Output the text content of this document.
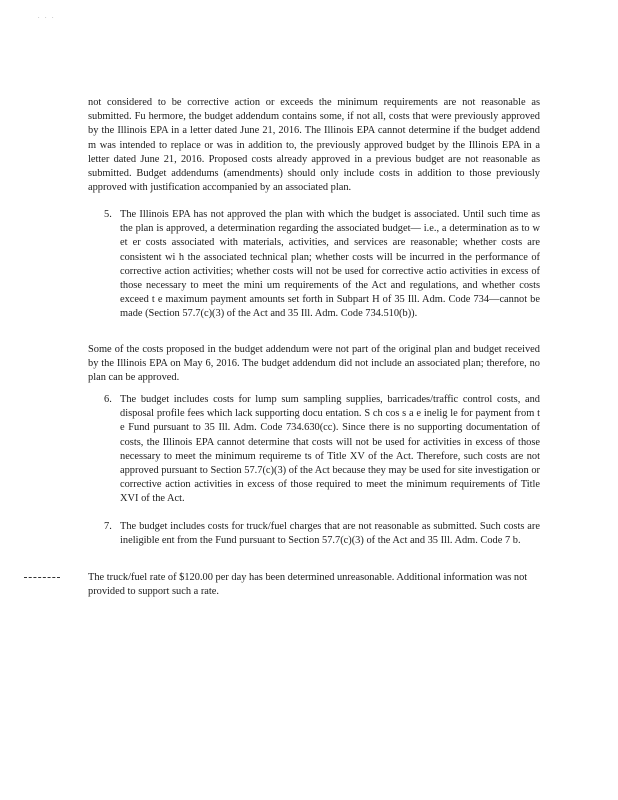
. . .

not considered to be corrective action or exceeds the minimum requirements are not reasonable as submitted. Fu hermore, the budget addendum contains some, if not all, costs that were previously approved by the Illinois EPA in a letter dated June 21, 2016. The Illinois EPA cannot determine if the budget addend m was intended to replace or was in addition to, the previously approved budget by the Illinois EPA in a letter dated June 21, 2016. Proposed costs already approved in a previous budget are not reasonable as submitted. Budget addendums (amendments) should only include costs in addition to those previously approved with justification accompanied by an associated plan.

5. The Illinois EPA has not approved the plan with which the budget is associated. Until such time as the plan is approved, a determination regarding the associated budget— i.e., a determination as to w et er costs associated with materials, activities, and services are reasonable; whether costs are consistent wi h the associated technical plan; whether costs will be incurred in the performance of corrective action activities; whether costs will not be used for corrective actio activities in excess of those necessary to meet the mini um requirements of the Act and regulations, and whether costs exceed t e maximum payment amounts set forth in Subpart H of 35 Ill. Adm. Code 734—cannot be made (Section 57.7(c)(3) of the Act and 35 Ill. Adm. Code 734.510(b)).

Some of the costs proposed in the budget addendum were not part of the original plan and budget received by the Illinois EPA on May 6, 2016. The budget addendum did not include an associated plan; therefore, no plan can be approved.

6. The budget includes costs for lump sum sampling supplies, barricades/traffic control costs, and disposal profile fees which lack supporting docu entation. S ch cos s a e inelig le for payment from t e Fund pursuant to 35 Ill. Adm. Code 734.630(cc). Since there is no supporting documentation of costs, the Illinois EPA cannot determine that costs will not be used for activities in excess of those necessary to meet the minimum requireme ts of Title XV of the Act. Therefore, such costs are not approved pursuant to Section 57.7(c)(3) of the Act because they may be used for site investigation or corrective action activities in excess of those required to meet the minimum requirements of Title XVI of the Act.
7. The budget includes costs for truck/fuel charges that are not reasonable as submitted. Such costs are ineligible ent from the Fund pursuant to Section 57.7(c)(3) of the Act and 35 Ill. Adm. Code 7 b.

The truck/fuel rate of $120.00 per day has been determined unreasonable. Additional information was not provided to support such a rate.
